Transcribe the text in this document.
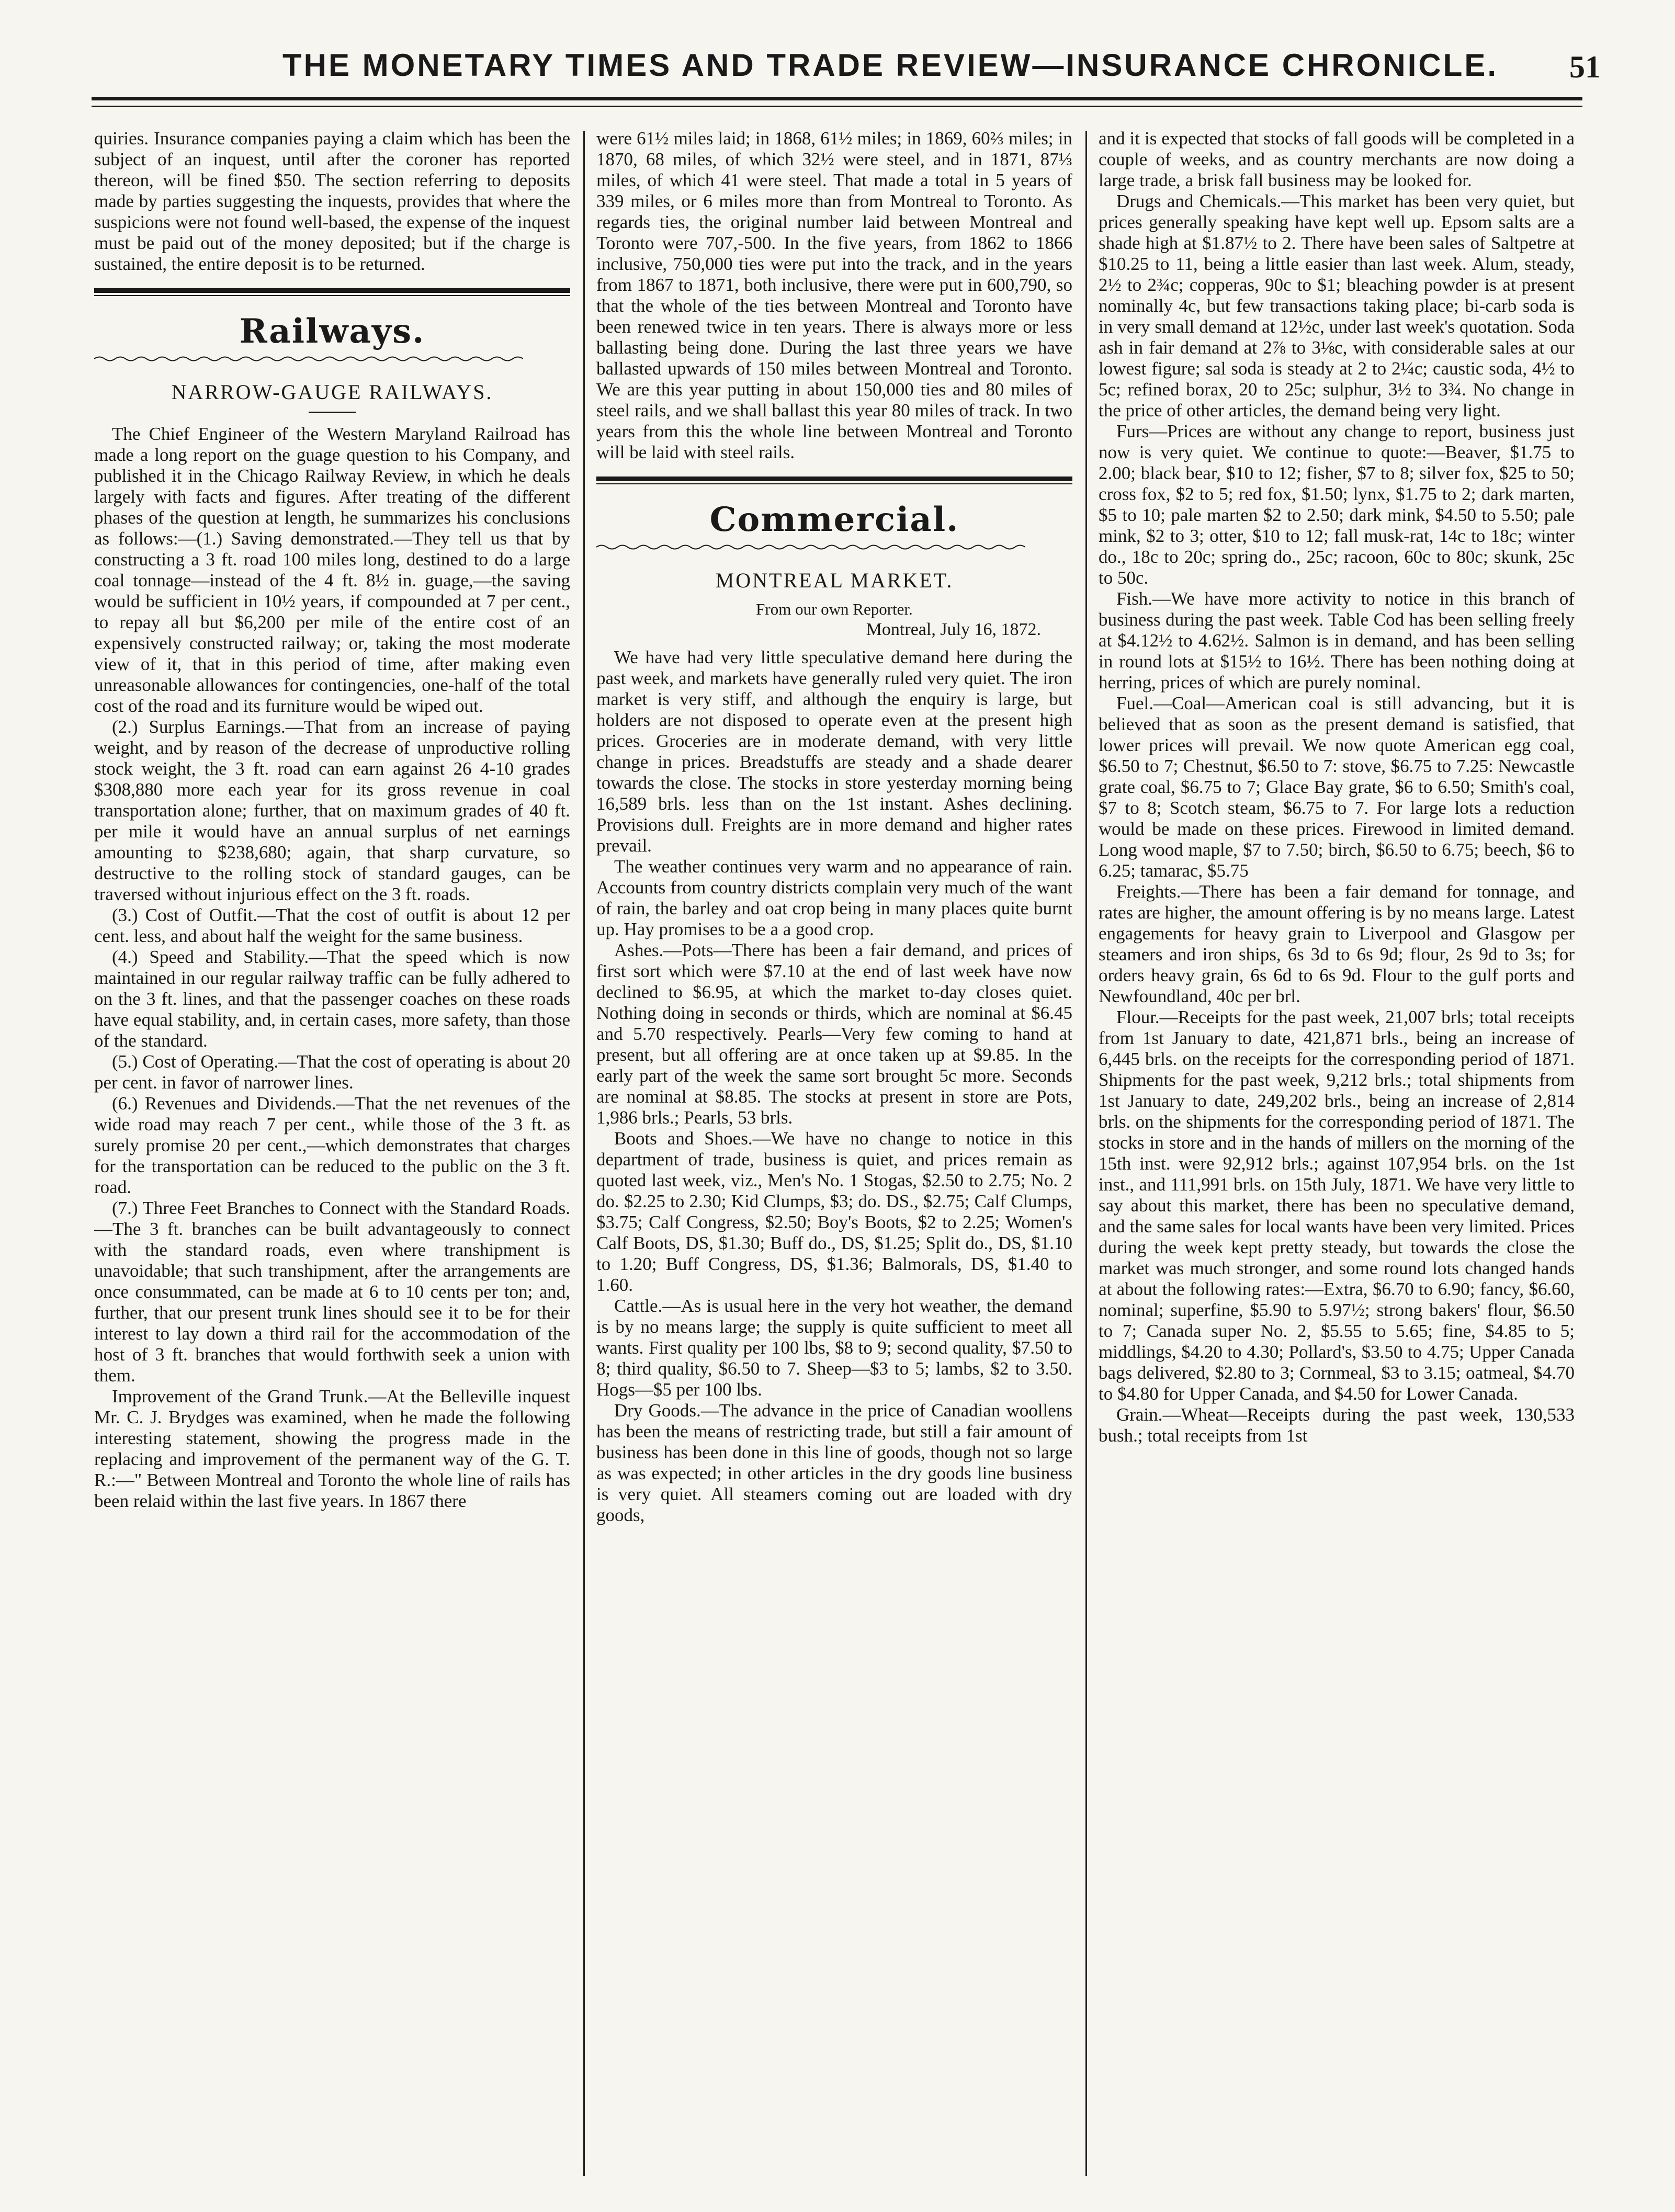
THE MONETARY TIMES AND TRADE REVIEW—INSURANCE CHRONICLE. 51

quiries. Insurance companies paying a claim which has been the subject of an inquest, until after the coroner has reported thereon, will be fined $50. The section referring to deposits made by parties suggesting the inquests, provides that where the suspicions were not found well-based, the expense of the inquest must be paid out of the money deposited; but if the charge is sustained, the entire deposit is to be returned.

Railways.
NARROW-GAUGE RAILWAYS.

The Chief Engineer of the Western Maryland Railroad has made a long report on the guage question to his Company, and published it in the Chicago Railway Review, in which he deals largely with facts and figures. After treating of the different phases of the question at length, he summarizes his conclusions as follows:—(1.) Saving demonstrated.—They tell us that by constructing a 3 ft. road 100 miles long, destined to do a large coal tonnage—instead of the 4 ft. 8½ in. guage,—the saving would be sufficient in 10½ years, if compounded at 7 per cent., to repay all but $6,200 per mile of the entire cost of an expensively constructed railway; or, taking the most moderate view of it, that in this period of time, after making even unreasonable allowances for contingencies, one-half of the total cost of the road and its furniture would be wiped out.

(2.) Surplus Earnings.—That from an increase of paying weight, and by reason of the decrease of unproductive rolling stock weight, the 3 ft. road can earn against 26 4-10 grades $308,880 more each year for its gross revenue in coal transportation alone; further, that on maximum grades of 40 ft. per mile it would have an annual surplus of net earnings amounting to $238,680; again, that sharp curvature, so destructive to the rolling stock of standard gauges, can be traversed without injurious effect on the 3 ft. roads.

(3.) Cost of Outfit.—That the cost of outfit is about 12 per cent. less, and about half the weight for the same business.

(4.) Speed and Stability.—That the speed which is now maintained in our regular railway traffic can be fully adhered to on the 3 ft. lines, and that the passenger coaches on these roads have equal stability, and, in certain cases, more safety, than those of the standard.

(5.) Cost of Operating.—That the cost of operating is about 20 per cent. in favor of narrower lines.

(6.) Revenues and Dividends.—That the net revenues of the wide road may reach 7 per cent., while those of the 3 ft. as surely promise 20 per cent.,—which demonstrates that charges for the transportation can be reduced to the public on the 3 ft. road.

(7.) Three Feet Branches to Connect with the Standard Roads.—The 3 ft. branches can be built advantageously to connect with the standard roads, even where transhipment is unavoidable; that such transhipment, after the arrangements are once consummated, can be made at 6 to 10 cents per ton; and, further, that our present trunk lines should see it to be for their interest to lay down a third rail for the accommodation of the host of 3 ft. branches that would forthwith seek a union with them.

Improvement of the Grand Trunk.—At the Belleville inquest Mr. C. J. Brydges was examined, when he made the following interesting statement, showing the progress made in the replacing and improvement of the permanent way of the G. T. R.:—" Between Montreal and Toronto the whole line of rails has been relaid within the last five years. In 1867 there

were 61½ miles laid; in 1868, 61½ miles; in 1869, 60⅔ miles; in 1870, 68 miles, of which 32½ were steel, and in 1871, 87⅓ miles, of which 41 were steel. That made a total in 5 years of 339 miles, or 6 miles more than from Montreal to Toronto. As regards ties, the original number laid between Montreal and Toronto were 707,-500. In the five years, from 1862 to 1866 inclusive, 750,000 ties were put into the track, and in the years from 1867 to 1871, both inclusive, there were put in 600,790, so that the whole of the ties between Montreal and Toronto have been renewed twice in ten years. There is always more or less ballasting being done. During the last three years we have ballasted upwards of 150 miles between Montreal and Toronto. We are this year putting in about 150,000 ties and 80 miles of steel rails, and we shall ballast this year 80 miles of track. In two years from this the whole line between Montreal and Toronto will be laid with steel rails.

Commercial.
MONTREAL MARKET.
From our own Reporter.
Montreal, July 16, 1872.

We have had very little speculative demand here during the past week, and markets have generally ruled very quiet. The iron market is very stiff, and although the enquiry is large, but holders are not disposed to operate even at the present high prices. Groceries are in moderate demand, with very little change in prices. Breadstuffs are steady and a shade dearer towards the close. The stocks in store yesterday morning being 16,589 brls. less than on the 1st instant. Ashes declining. Provisions dull. Freights are in more demand and higher rates prevail.

The weather continues very warm and no appearance of rain. Accounts from country districts complain very much of the want of rain, the barley and oat crop being in many places quite burnt up. Hay promises to be a a good crop.

Ashes.—Pots—There has been a fair demand, and prices of first sort which were $7.10 at the end of last week have now declined to $6.95, at which the market to-day closes quiet. Nothing doing in seconds or thirds, which are nominal at $6.45 and 5.70 respectively. Pearls—Very few coming to hand at present, but all offering are at once taken up at $9.85. In the early part of the week the same sort brought 5c more. Seconds are nominal at $8.85. The stocks at present in store are Pots, 1,986 brls.; Pearls, 53 brls.

Boots and Shoes.—We have no change to notice in this department of trade, business is quiet, and prices remain as quoted last week, viz., Men's No. 1 Stogas, $2.50 to 2.75; No. 2 do. $2.25 to 2.30; Kid Clumps, $3; do. DS., $2.75; Calf Clumps, $3.75; Calf Congress, $2.50; Boy's Boots, $2 to 2.25; Women's Calf Boots, DS, $1.30; Buff do., DS, $1.25; Split do., DS, $1.10 to 1.20; Buff Congress, DS, $1.36; Balmorals, DS, $1.40 to 1.60.

Cattle.—As is usual here in the very hot weather, the demand is by no means large; the supply is quite sufficient to meet all wants. First quality per 100 lbs, $8 to 9; second quality, $7.50 to 8; third quality, $6.50 to 7. Sheep—$3 to 5; lambs, $2 to 3.50. Hogs—$5 per 100 lbs.

Dry Goods.—The advance in the price of Canadian woollens has been the means of restricting trade, but still a fair amount of business has been done in this line of goods, though not so large as was expected; in other articles in the dry goods line business is very quiet. All steamers coming out are loaded with dry goods,

and it is expected that stocks of fall goods will be completed in a couple of weeks, and as country merchants are now doing a large trade, a brisk fall business may be looked for.

Drugs and Chemicals.—This market has been very quiet, but prices generally speaking have kept well up. Epsom salts are a shade high at $1.87½ to 2. There have been sales of Saltpetre at $10.25 to 11, being a little easier than last week. Alum, steady, 2½ to 2¾c; copperas, 90c to $1; bleaching powder is at present nominally 4c, but few transactions taking place; bi-carb soda is in very small demand at 12½c, under last week's quotation. Soda ash in fair demand at 2⅞ to 3⅛c, with considerable sales at our lowest figure; sal soda is steady at 2 to 2¼c; caustic soda, 4½ to 5c; refined borax, 20 to 25c; sulphur, 3½ to 3¾. No change in the price of other articles, the demand being very light.

Furs—Prices are without any change to report, business just now is very quiet. We continue to quote:—Beaver, $1.75 to 2.00; black bear, $10 to 12; fisher, $7 to 8; silver fox, $25 to 50; cross fox, $2 to 5; red fox, $1.50; lynx, $1.75 to 2; dark marten, $5 to 10; pale marten $2 to 2.50; dark mink, $4.50 to 5.50; pale mink, $2 to 3; otter, $10 to 12; fall musk-rat, 14c to 18c; winter do., 18c to 20c; spring do., 25c; racoon, 60c to 80c; skunk, 25c to 50c.

Fish.—We have more activity to notice in this branch of business during the past week. Table Cod has been selling freely at $4.12½ to 4.62½. Salmon is in demand, and has been selling in round lots at $15½ to 16½. There has been nothing doing at herring, prices of which are purely nominal.

Fuel.—Coal—American coal is still advancing, but it is believed that as soon as the present demand is satisfied, that lower prices will prevail. We now quote American egg coal, $6.50 to 7; Chestnut, $6.50 to 7: stove, $6.75 to 7.25: Newcastle grate coal, $6.75 to 7; Glace Bay grate, $6 to 6.50; Smith's coal, $7 to 8; Scotch steam, $6.75 to 7. For large lots a reduction would be made on these prices. Firewood in limited demand. Long wood maple, $7 to 7.50; birch, $6.50 to 6.75; beech, $6 to 6.25; tamarac, $5.75

Freights.—There has been a fair demand for tonnage, and rates are higher, the amount offering is by no means large. Latest engagements for heavy grain to Liverpool and Glasgow per steamers and iron ships, 6s 3d to 6s 9d; flour, 2s 9d to 3s; for orders heavy grain, 6s 6d to 6s 9d. Flour to the gulf ports and Newfoundland, 40c per brl.

Flour.—Receipts for the past week, 21,007 brls; total receipts from 1st January to date, 421,871 brls., being an increase of 6,445 brls. on the receipts for the corresponding period of 1871. Shipments for the past week, 9,212 brls.; total shipments from 1st January to date, 249,202 brls., being an increase of 2,814 brls. on the shipments for the corresponding period of 1871. The stocks in store and in the hands of millers on the morning of the 15th inst. were 92,912 brls.; against 107,954 brls. on the 1st inst., and 111,991 brls. on 15th July, 1871. We have very little to say about this market, there has been no speculative demand, and the same sales for local wants have been very limited. Prices during the week kept pretty steady, but towards the close the market was much stronger, and some round lots changed hands at about the following rates:—Extra, $6.70 to 6.90; fancy, $6.60, nominal; superfine, $5.90 to 5.97½; strong bakers' flour, $6.50 to 7; Canada super No. 2, $5.55 to 5.65; fine, $4.85 to 5; middlings, $4.20 to 4.30; Pollard's, $3.50 to 4.75; Upper Canada bags delivered, $2.80 to 3; Cornmeal, $3 to 3.15; oatmeal, $4.70 to $4.80 for Upper Canada, and $4.50 for Lower Canada.

Grain.—Wheat—Receipts during the past week, 130,533 bush.; total receipts from 1st
